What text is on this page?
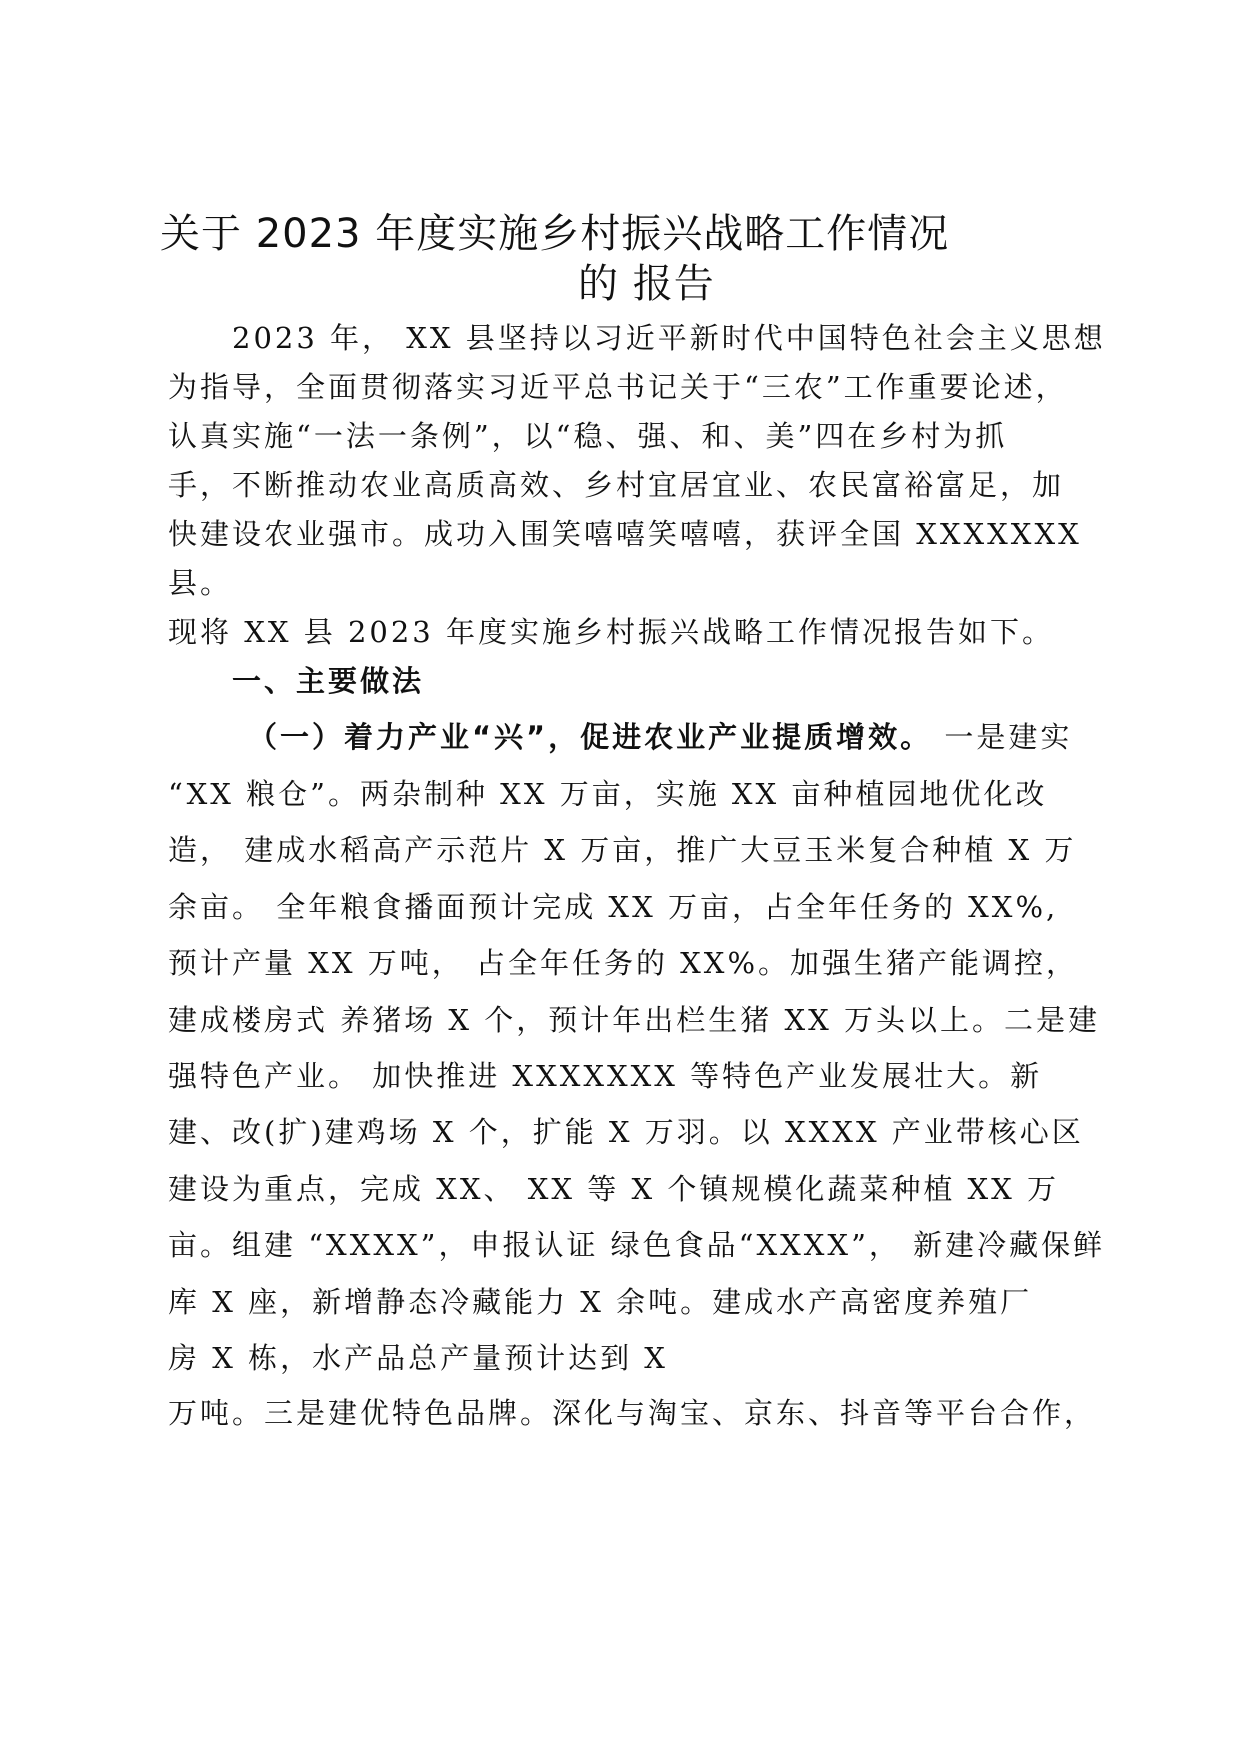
关于 2023 年度实施乡村振兴战略工作情况
的 报告

2023 年， XX 县坚持以习近平新时代中国特色社会主义思想

为指导，全面贯彻落实习近平总书记关于“三农”工作重要论述，

认真实施“一法一条例”，以“稳、强、和、美”四在乡村为抓

手，不断推动农业高质高效、乡村宜居宜业、农民富裕富足，加

快建设农业强市。成功入围笑嘻嘻笑嘻嘻，获评全国 XXXXXXX

县。

现将 XX 县 2023 年度实施乡村振兴战略工作情况报告如下。

一、主要做法

（一）着力产业“兴”，促进农业产业提质增效。 一是建实

“XX 粮仓”。两杂制种 XX 万亩，实施 XX 亩种植园地优化改

造， 建成水稻高产示范片 X 万亩，推广大豆玉米复合种植 X 万

余亩。 全年粮食播面预计完成 XX 万亩，占全年任务的 XX%,

预计产量 XX 万吨， 占全年任务的 XX%。加强生猪产能调控，

建成楼房式 养猪场 X 个，预计年出栏生猪 XX 万头以上。二是建

强特色产业。 加快推进 XXXXXXX 等特色产业发展壮大。新

建、改(扩)建鸡场 X 个，扩能 X 万羽。以 XXXX 产业带核心区

建设为重点，完成 XX、 XX 等 X 个镇规模化蔬菜种植 XX 万

亩。组建 “XXXX”，申报认证 绿色食品“XXXX”， 新建冷藏保鲜

库 X 座，新增静态冷藏能力 X 余吨。建成水产高密度养殖厂

房 X 栋，水产品总产量预计达到 X

万吨。三是建优特色品牌。深化与淘宝、京东、抖音等平台合作，
